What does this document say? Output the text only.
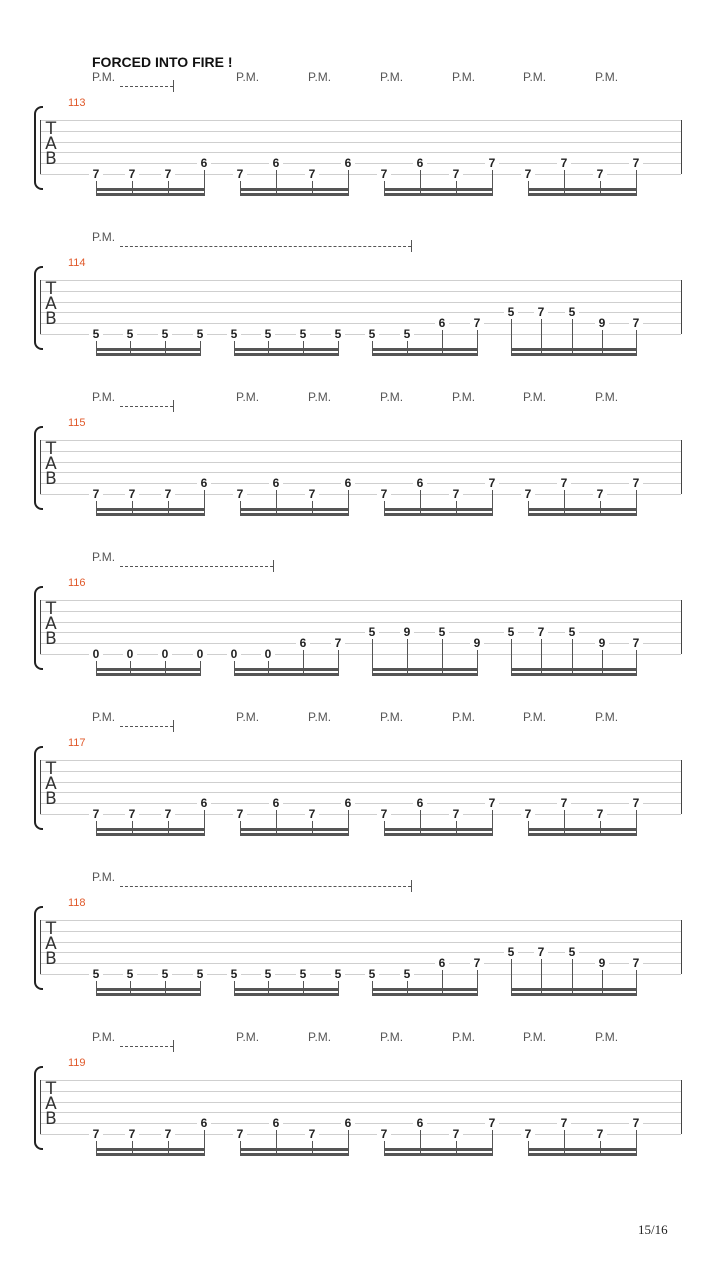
FORCED INTO FIRE !
P.M.	P.M.	P.M.	P.M.	P.M.	P.M.	P.M.
113
T
A
B
7	7	7
6
7
6
7
6
7
6
7
7
7
7
7
7
P.M.
114
T
A
B
5	5	5	5	5	5	5	5	5	5
6	7
5	7	5
9	7
P.M.	P.M.	P.M.	P.M.	P.M.	P.M.	P.M.
115
T
A
B
7	7	7
6
7
6
7
6
7
6
7
7
7
7
7
7
P.M.
116
T
A
B
0	0	0	0	0	0
6	7
5	9	5
9
5	7	5
9	7
P.M.	P.M.	P.M.	P.M.	P.M.	P.M.	P.M.
117
T
A
B
7	7	7
6
7
6
7
6
7
6
7
7
7
7
7
7
P.M.
118
T
A
B
5	5	5	5	5	5	5	5	5	5
6	7
5	7	5
9	7
P.M.	P.M.	P.M.	P.M.	P.M.	P.M.	P.M.
119
T
A
B
7	7	7
6
7
6
7
6
7
6
7
7
7
7
7
7
15/16
